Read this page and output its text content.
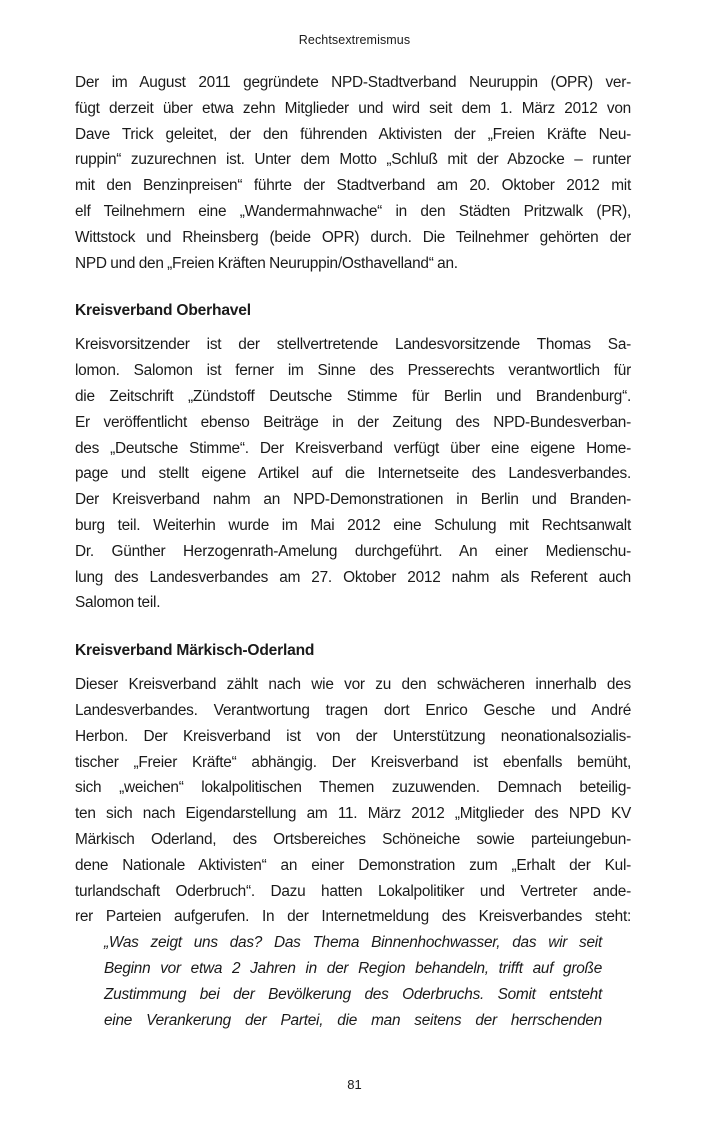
Rechtsextremismus

Der im August 2011 gegründete NPD-Stadtverband Neuruppin (OPR) ver-
fügt derzeit über etwa zehn Mitglieder und wird seit dem 1. März 2012 von
Dave Trick geleitet, der den führenden Aktivisten der „Freien Kräfte Neu-
ruppin“ zuzurechnen ist. Unter dem Motto „Schluß mit der Abzocke – runter
mit den Benzinpreisen“ führte der Stadtverband am 20. Oktober 2012 mit
elf Teilnehmern eine „Wandermahnwache“ in den Städten Pritzwalk (PR),
Wittstock und Rheinsberg (beide OPR) durch. Die Teilnehmer gehörten der
NPD und den „Freien Kräften Neuruppin/Osthavelland“ an.

Kreisverband Oberhavel

Kreisvorsitzender ist der stellvertretende Landesvorsitzende Thomas Sa-
lomon. Salomon ist ferner im Sinne des Presserechts verantwortlich für
die Zeitschrift „Zündstoff Deutsche Stimme für Berlin und Brandenburg“.
Er veröffentlicht ebenso Beiträge in der Zeitung des NPD-Bundesverban-
des „Deutsche Stimme“. Der Kreisverband verfügt über eine eigene Home-
page und stellt eigene Artikel auf die Internetseite des Landesverbandes.
Der Kreisverband nahm an NPD-Demonstrationen in Berlin und Branden-
burg teil. Weiterhin wurde im Mai 2012 eine Schulung mit Rechtsanwalt
Dr. Günther Herzogenrath-Amelung durchgeführt. An einer Medienschu-
lung des Landesverbandes am 27. Oktober 2012 nahm als Referent auch
Salomon teil.

Kreisverband Märkisch-Oderland

Dieser Kreisverband zählt nach wie vor zu den schwächeren innerhalb des
Landesverbandes. Verantwortung tragen dort Enrico Gesche und André
Herbon. Der Kreisverband ist von der Unterstützung neonationalsozialis-
tischer „Freier Kräfte“ abhängig. Der Kreisverband ist ebenfalls bemüht,
sich „weichen“ lokalpolitischen Themen zuzuwenden. Demnach beteilig-
ten sich nach Eigendarstellung am 11. März 2012 „Mitglieder des NPD KV
Märkisch Oderland, des Ortsbereiches Schöneiche sowie parteiungebun-
dene Nationale Aktivisten“ an einer Demonstration zum „Erhalt der Kul-
turlandschaft Oderbruch“. Dazu hatten Lokalpolitiker und Vertreter ande-
rer Parteien aufgerufen. In der Internetmeldung des Kreisverbandes steht:

„Was zeigt uns das? Das Thema Binnenhochwasser, das wir seit
Beginn vor etwa 2 Jahren in der Region behandeln, trifft auf große
Zustimmung bei der Bevölkerung des Oderbruchs. Somit entsteht
eine Verankerung der Partei, die man seitens der herrschenden
81
